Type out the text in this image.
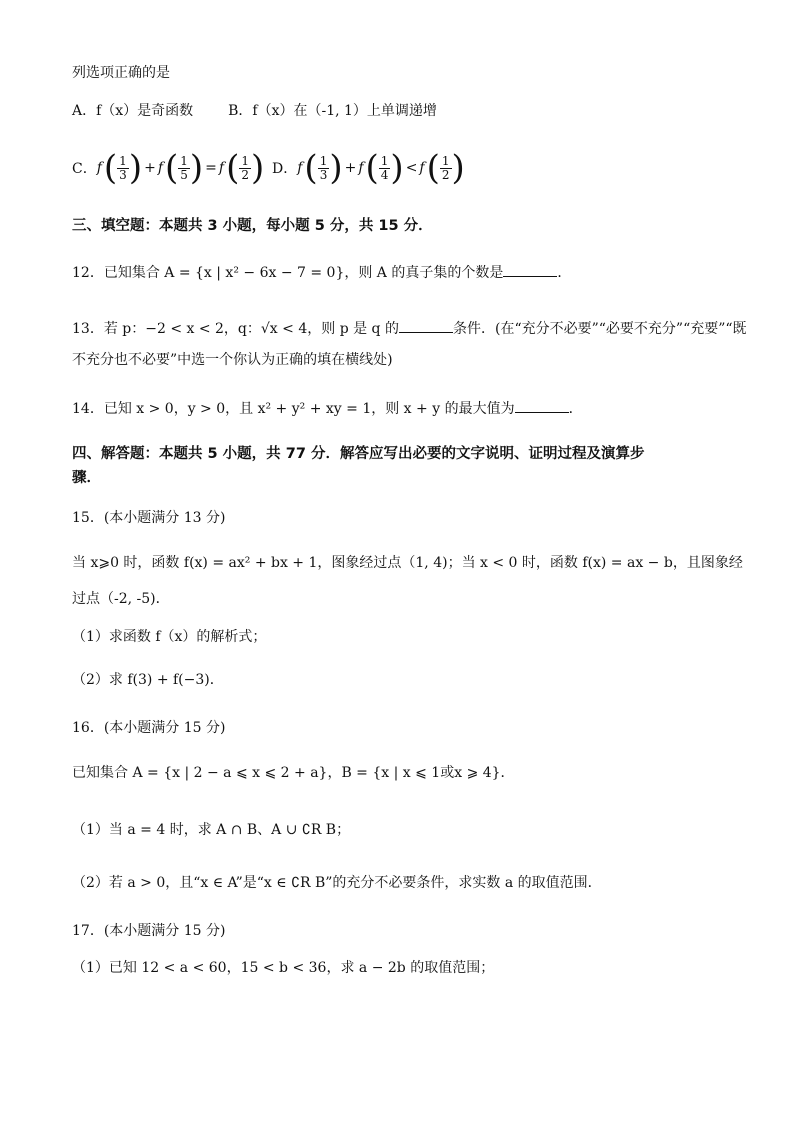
列选项正确的是
A．f（x）是奇函数 B．f（x）在（-1, 1）上单调递增
C． f ( $\frac{1}{3}$ ) + f ( $\frac{1}{5}$ ) = f ( $\frac{1}{2}$ ) D． f ( $\frac{1}{3}$ ) + f ( $\frac{1}{4}$ ) < f ( $\frac{1}{2}$ )
三、填空题：本题共 3 小题，每小题 5 分，共 15 分．
12．已知集合 A = {x | x² − 6x − 7 = 0}，则 A 的真子集的个数是	．
13．若 p：−2 < x < 2，q：√x < 4，则 p 是 q 的	条件．(在“充分不必要”“必要不充分”“充要”“既
不充分也不必要”中选一个你认为正确的填在横线处)
14．已知 x > 0，y > 0，且 x² + y² + xy = 1，则 x + y 的最大值为	．
四、解答题：本题共 5 小题，共 77 分．解答应写出必要的文字说明、证明过程及演算步
骤．
15．(本小题满分 13 分)
当 x⩾0 时，函数 f(x) = ax² + bx + 1，图象经过点（1, 4)；当 x < 0 时，函数 f(x) = ax − b，且图象经
过点（-2, -5)．
（1）求函数 f（x）的解析式；
（2）求 f(3) + f(−3)．
16．(本小题满分 15 分)
已知集合 A = {x | 2 − a ⩽ x ⩽ 2 + a}，B = {x | x ⩽ 1或x ⩾ 4}．
（1）当 a = 4 时，求 A ∩ B、A ∪ ∁R B；
（2）若 a > 0，且“x ∈ A”是“x ∈ ∁R B”的充分不必要条件，求实数 a 的取值范围．
17．(本小题满分 15 分)
（1）已知 12 < a < 60，15 < b < 36，求 a − 2b 的取值范围；
